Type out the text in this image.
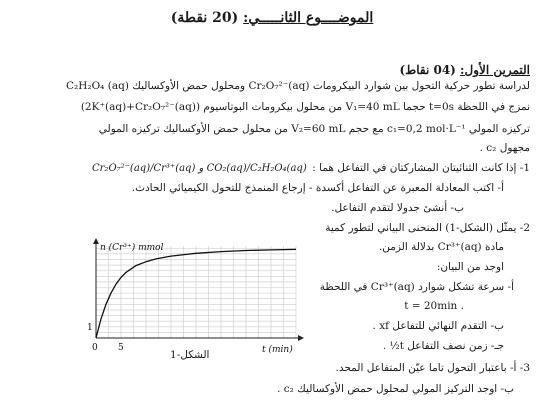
الموضــــوع الثانـــــي: (20 نقطة)
التمرين الأول: (04 نقاط)
لدراسة تطور حركية التحول بين شوارد البيكرومات Cr₂O₇²⁻(aq) ومحلول حمض الأوكساليك (aq) C₂H₂O₄
نمزج في اللحظة t=0s حجما V₁=40 mL من محلول بيكرومات البوتاسيوم (2K⁺(aq)+Cr₂O₇²⁻(aq))
تركيزه المولي c₁=0,2 mol·L⁻¹ مع حجم V₂=60 mL من محلول حمض الأوكساليك تركيزه المولي
مجهول c₂ .
1- إذا كانت الثنائيتان المشاركتان في التفاعل هما :
Cr₂O₇²⁻(aq)/Cr³⁺(aq) و CO₂(aq)/C₂H₂O₄(aq)
أ- اكتب المعادلة المعبرة عن التفاعل أكسدة - إرجاع المنمذج للتحول الكيميائي الحادث.
ب- أنشئ جدولا لتقدم التفاعل.
2- يمثّل (الشكل-1) المنحنى البياني لتطور كمية
مادة Cr³⁺(aq) بدلالة الزمن.
اوجد من البيان:
أ- سرعة تشكل شوارد Cr³⁺(aq) في اللحظة
t = 20min .
ب- التقدم النهائي للتفاعل xf .
جـ- زمن نصف التفاعل t½ .
3- أ- باعتبار التحول تاما عيّن المتفاعل المحد.
ب- اوجد التركيز المولي لمحلول حمض الأوكساليك c₂ .
n (Cr³⁺) mmol
t (min)
1
0 5
الشكل-1
